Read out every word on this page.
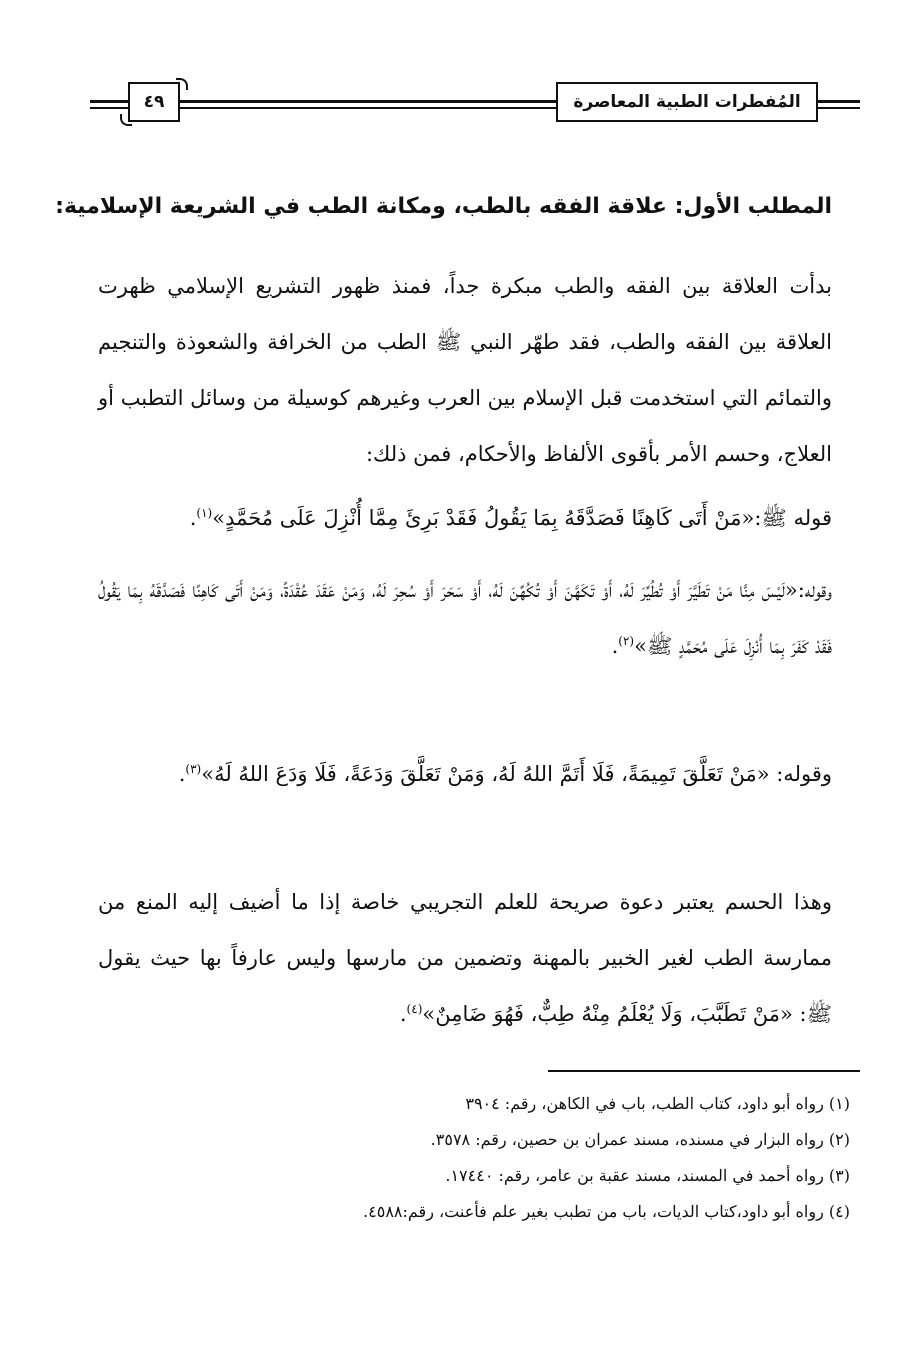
٤٩	المُفطرات الطبية المعاصرة
المطلب الأول: علاقة الفقه بالطب، ومكانة الطب في الشريعة الإسلامية:
بدأت العلاقة بين الفقه والطب مبكرة جداً، فمنذ ظهور التشريع الإسلامي ظهرت العلاقة بين الفقه والطب، فقد طهّر النبي ﷺ الطب من الخرافة والشعوذة والتنجيم والتمائم التي استخدمت قبل الإسلام بين العرب وغيرهم كوسيلة من وسائل التطبب أو العلاج، وحسم الأمر بأقوى الألفاظ والأحكام، فمن ذلك:
قوله ﷺ:«مَنْ أَتَى كَاهِنًا فَصَدَّقَهُ بِمَا يَقُولُ فَقَدْ بَرِئَ مِمَّا أُنْزِلَ عَلَى مُحَمَّدٍ»$^{(١)}$.
وقوله:«لَيْسَ مِنَّا مَنْ تَطَيَّرَ أَوْ تُطُيِّرَ لَهُ، أَوْ تَكَهَّنَ أَوْ تُكُهِّنَ لَهُ، أَوْ سَحَرَ أَوْ سُحِرَ لَهُ، وَمَنْ عَقَدَ عُقْدَةً، وَمَنْ أَتَى كَاهِنًا فَصَدَّقَهُ بِمَا يَقُولُ فَقَدْ كَفَرَ بِمَا أُنْزِلَ عَلَى مُحَمَّدٍ ﷺ»$^{(٢)}$.
وقوله: «مَنْ تَعَلَّقَ تَمِيمَةً، فَلَا أَتَمَّ اللهُ لَهُ، وَمَنْ تَعَلَّقَ وَدَعَةً، فَلَا وَدَعَ اللهُ لَهُ»$^{(٣)}$.
وهذا الحسم يعتبر دعوة صريحة للعلم التجريبي خاصة إذا ما أضيف إليه المنع من ممارسة الطب لغير الخبير بالمهنة وتضمين من مارسها وليس عارفاً بها حيث يقول ﷺ: «مَنْ تَطَبَّبَ، وَلَا يُعْلَمُ مِنْهُ طِبٌّ، فَهُوَ ضَامِنٌ»$^{(٤)}$.
(١) رواه أبو داود، كتاب الطب، باب في الكاهن، رقم: ٣٩٠٤
(٢) رواه البزار في مسنده، مسند عمران بن حصين، رقم: ٣٥٧٨.
(٣) رواه أحمد في المسند، مسند عقبة بن عامر، رقم: ١٧٤٤٠.
(٤) رواه أبو داود،كتاب الديات، باب من تطبب بغير علم فأعنت، رقم:٤٥٨٨.
